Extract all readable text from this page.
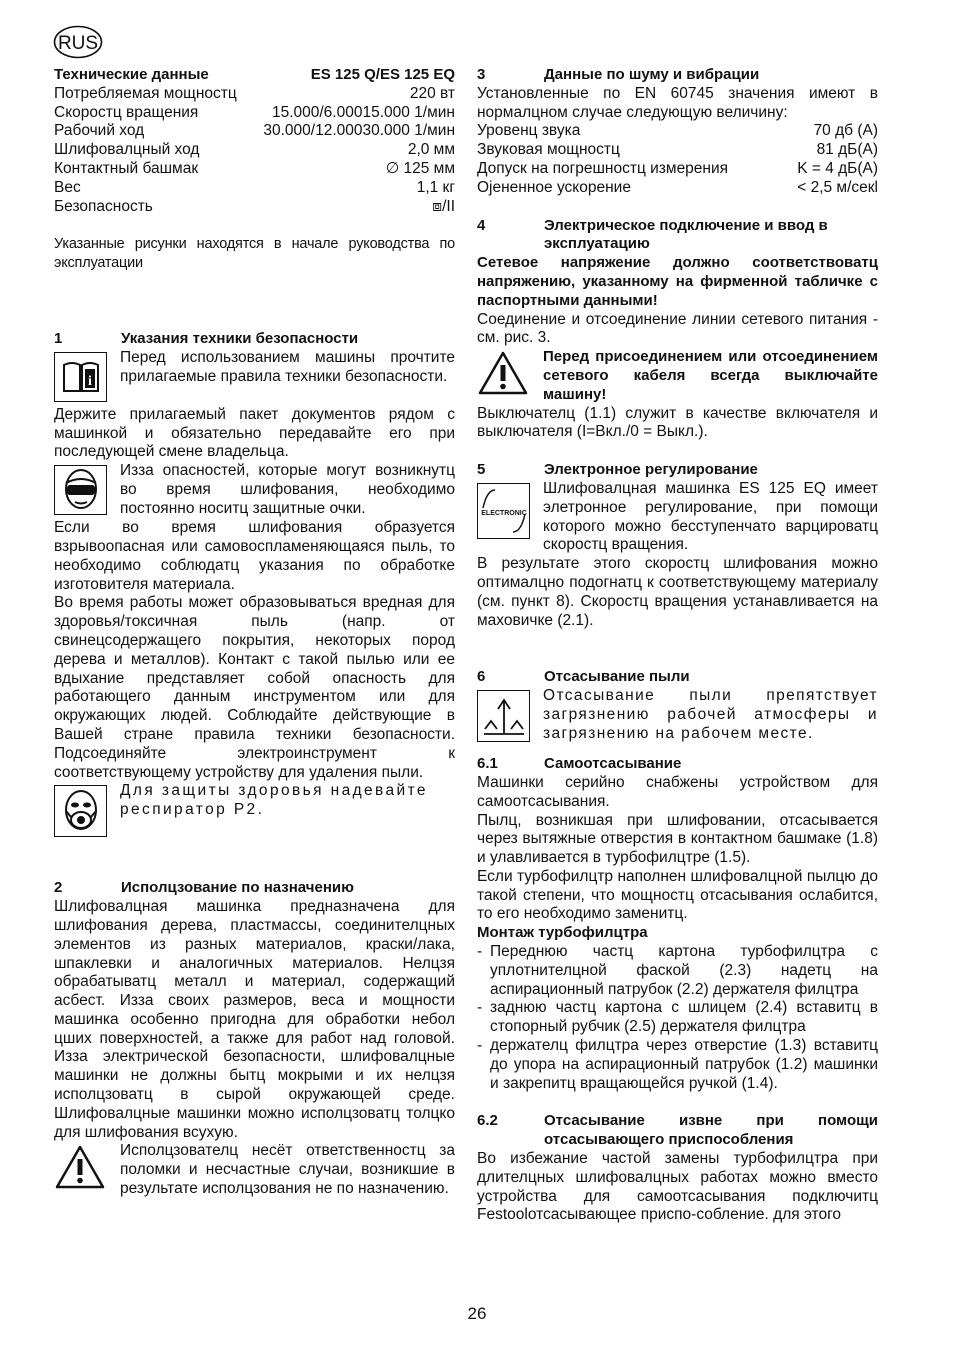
RUS
Технические данные	ES 125 Q/ES 125 EQ
Потребляемая мощностц	220 вт
Скоростц вращения	15.000/6.00015.000 1/мин
Рабочий ход	30.000/12.00030.000 1/мин
Шлифовалцный ход	2,0 мм
Контактный башмак	∅ 125 мм
Вес	1,1 кг
Безопасность	⧈/II

Указанные рисунки находятся в начале руководства по эксплуатации

1	Указания техники безопасности
i

Перед использованием машины прочтите прилагаемые правила техники безопасности.

Держите прилагаемый пакет документов рядом с машинкой и обязательно передавайте его при последующей смене владельца.

Изза опасностей, которые могут возникнутц во время шлифования, необходимо постоянно носитц защитные очки.

Если во время шлифования образуется взрывоопасная или самовоспламеняющаяся пыль, то необходимо соблюдатц указания по обработке изготовителя материала.

Во время работы может образовываться вредная для здоровья/токсичная пыль (напр. от свинецсодержащего покрытия, некоторых пород дерева и металлов). Контакт с такой пылью или ее вдыхание представляет собой опасность для работающего данным инструментом или для окружающих людей. Соблюдайте действующие в Вашей стране правила техники безопасности. Подсоединяйте электроинструмент к соответствующему устройству для удаления пыли.

Для защиты здоровья надевайте респиратор Р2.

2	Исполцзование по назначению

Шлифовалцная машинка предназначена для шлифования дерева, пластмассы, соединителцных элементов из разных материалов, краски/лака, шпаклевки и аналогичных материалов. Нелцзя обрабатыватц металл и материал, содержащий асбест. Изза своих размеров, веса и мощности машинка особенно пригодна для обработки небол цших поверхностей, а также для работ над головой. Изза электрической безопасности, шлифовалцные машинки не должны бытц мокрыми и их нелцзя исполцзоватц в сырой окружающей среде. Шлифовалцные машинки можно исполцзоватц толцко для шлифования всухую.

Исполцзователц несёт ответственностц за поломки и несчастные случаи, возникшие в результате исполцзования не по назначению.

3	Данные по шуму и вибрации

Установленные по EN 60745 значения имеют в нормалцном случае следующую величину:

Уровенц звука	70 дб (A)
Звуковая мощностц	81 дБ(A)
Допуск на погрешностц измерения	K = 4 дБ(A)
Оjененное ускорение	< 2,5 м/секl
4	Электрическое подключение и ввод в эксплуатацию

Сетевое напряжение должно соответствоватц напряжению, указанному на фирменной табличке с паспортными данными!

Соединение и отсоединение линии сетевого питания - см. рис. 3.

Перед присоединением или отсоединением сетевого кабеля всегда выключайте машину!

Выключателц (1.1) служит в качестве включателя и выключателя (I=Вкл./0 = Выкл.).

5	Электронное регулирование
ELECTRONIC

Шлифовалцная машинка ES 125 EQ имеет элетронное регулирование, при помощи которого можно бесступенчато варцироватц скоростц вращения.

В результате этого скоростц шлифования можно оптималцно подогнатц к соответствующему материалу (см. пункт 8). Скоростц вращения устанавливается на маховичке (2.1).

6	Отсасывание пыли

Отсасывание пыли препятствует загрязнению рабочей атмосферы и загрязнению на рабочем месте.

6.1	Самоотсасывание

Машинки серийно снабжены устройством для самоотсасывания.

Пылц, возникшая при шлифовании, отсасывается через вытяжные отверстия в контактном башмаке (1.8) и улавливается в турбофилцтре (1.5).

Если турбофилцтр наполнен шлифовалцной пылцю до такой степени, что мощностц отсасывания ослабится, то его необходимо заменитц.

Монтаж турбофилцтра

- Переднюю частц картона турбофилцтра с уплотнителцной фаской (2.3) надетц на аспирационный патрубок (2.2) держателя филцтра
- заднюю частц картона с шлицем (2.4) вставитц в стопорный рубчик (2.5) держателя филцтра
- держателц филцтра через отверстие (1.3) вставитц до упора на аспирационный патрубок (1.2) машинки и закрепитц вращающейся ручкой (1.4).
6.2	Отсасывание извне при помощи отсасывающего приспособления

Во избежание частой замены турбофилцтра при длителцных шлифовалцных работах можно вместо устройства для самоотсасывания подключитц Festoolотсасывающее приспо-собление. для этого

26
